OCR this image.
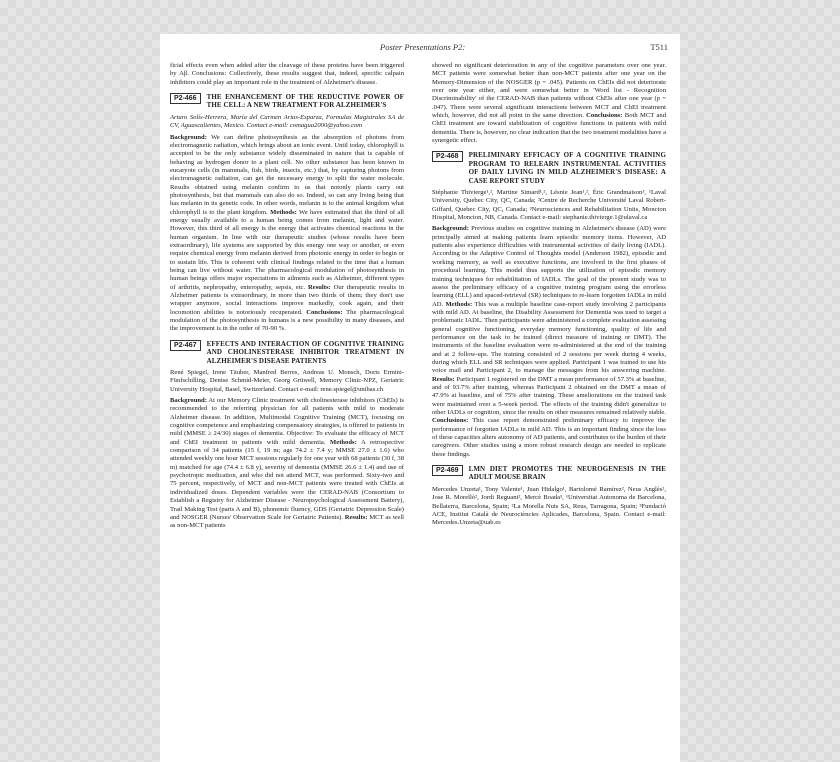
Poster Presentations P2:	T511

ficial effects even when added after the cleavage of these proteins have been triggered by Aβ. Conclusions: Collectively, these results suggest that, indeed, specific calpain inhibitors could play an important role in the treatment of Alzheimer's disease.

P2-466	THE ENHANCEMENT OF THE REDUCTIVE POWER OF THE CELL: A NEW TREATMENT FOR ALZHEIMER'S

Arturo Solís-Herrera, María del Carmen Arias-Esparza, Formulas Magistrales SA de CV, Aguascalientes, Mexico. Contact e-mail: comagua2000@yahoo.com

Background: We can define photosynthesis as the absorption of photons from electromagnetic radiation, which brings about an ionic event. Until today, chlorophyll is accepted to be the only substance widely disseminated in nature that is capable of behaving as hydrogen donor to a plant cell. No other substance has been known in eucaryote cells (in mammals, fish, birds, insects, etc.) that, by capturing photons from electromagnetic radiation, can get the necessary energy to split the water molecule. Results obtained using melanin confirm to us that notonly plants carry out photosynthesis, but that mammals can also do so. Indeed, so can any living being that has melanin in its genetic code. In other words, melanin is to the animal kingdom what chlorophyll is to the plant kingdom. Methods: We have estimated that the third of all energy usually available to a human being comes from melanin, light and water. However, this third of all energy is the energy that activates chemical reactions in the human organism. In line with our therapeutic studies (whose results have been extraordinary), life systems are supported by this energy one way or another, or even require chemical energy from melanin derived from photonic energy in order to begin or to sustain life. This is coherent with clinical findings related to the time that a human being can live without water. The pharmacological modulation of photosynthesis in human beings offers major expectations in ailments such as Alzheimer, different types of arthritis, nephropathy, enteropathy, sepsis, etc. Results: Our therapeutic results in Alzheimer patients is extraordinary, in more than two thirds of them; they don't use wrapper anymore, social interactions improve markedly, cook again, and their locomotion abilities is notoriously recuperated. Conclusions: The pharmacological modulation of the photosynthesis in humans is a new possibility in many diseases, and the improvement is in the order of 70-90 %.

P2-467	EFFECTS AND INTERACTION OF COGNITIVE TRAINING AND CHOLINESTERASE INHIBITOR TREATMENT IN ALZHEIMER'S DISEASE PATIENTS

René Spiegel, Irene Täuber, Manfred Berres, Andreas U. Monsch, Doris Ermini-Fünfschilling, Denise Schmid-Meier, Georg Grüwell, Memory Clinic-NPZ, Geriatric University Hospital, Basel, Switzerland. Contact e-mail: rene.spiegel@unibas.ch

Background: At our Memory Clinic treatment with cholinesterase inhibitors (ChEIs) is recommended to the referring physician for all patients with mild to moderate Alzheimer disease. In addition, Multimodal Cognitive Training (MCT), focusing on cognitive competence and emphasizing compensatory strategies, is offered to patients in mild (MMSE ≥ 24/30) stages of dementia. Objective: To evaluate the efficacy of MCT and ChEI treatment in patients with mild dementia. Methods: A retrospective comparison of 34 patients (15 f, 19 m; age 74.2 ± 7.4 y; MMSE 27.0 ± 1.6) who attended weekly one hour MCT sessions regularly for one year with 68 patients (30 f, 38 m) matched for age (74.4 ± 6.8 y), severity of dementia (MMSE 26.6 ± 1.4) and use of psychotropic medication, and who did not attend MCT, was performed. Sixty-two and 75 percent, respectively, of MCT and non-MCT patients were treated with ChEIs at individualized doses. Dependent variables were the CERAD-NAB (Consortium to Establish a Registry for Alzheimer Disease - Neuropsychological Assessment Battery), Trail Making Test (parts A and B), phonemic fluency, GDS (Geriatric Depression Scale) and NOSGER (Nurses' Observation Scale for Geriatric Patients). Results: MCT as well as non-MCT patients

showed no significant deterioration in any of the cognitive parameters over one year. MCT patients were somewhat better than non-MCT patients after one year on the Memory-Dimension of the NOSGER (p = .045). Patients on ChEIs did not deteriorate over one year either, and were somewhat better in 'Word list - Recognition Discriminability' of the CERAD-NAB than patients without ChEIs after one year (p = .047). There were several significant interactions between MCT and ChEI treatment which, however, did not all point in the same direction. Conclusions: Both MCT and ChEI treatment are toward stabilization of cognitive functions in patients with mild dementia. There is, however, no clear indication that the two treatment modalities have a synergetic effect.

P2-468	PRELIMINARY EFFICACY OF A COGNITIVE TRAINING PROGRAM TO RELEARN INSTRUMENTAL ACTIVITIES OF DAILY LIVING IN MILD ALZHEIMER'S DISEASE: A CASE REPORT STUDY

Stéphanie Thivierge¹,², Martine Simard¹,², Lésnie Jean¹,², Éric Grandmaison³, ¹Laval University, Quebec City, QC, Canada; ²Centre de Recherche Université Laval Robert-Giffard, Quebec City, QC, Canada; ³Neurosciences and Rehabilitation Units, Moncton Hospital, Moncton, NB, Canada. Contact e-mail: stephanie.thivierge.1@ulaval.ca

Background: Previous studies on cognitive training in Alzheimer's disease (AD) were principally aimed at making patients learn episodic memory items. However, AD patients also experience difficulties with instrumental activities of daily living (IADL). According to the Adaptive Control of Thoughts model (Anderson 1982), episodic and working memory, as well as executive functions, are involved in the first phases of procedural learning. This model thus supports the utilization of episodic memory training techniques for rehabilitation of IADLs. The goal of the present study was to assess the preliminary efficacy of a cognitive training program using the errorless learning (ELL) and spaced-retrieval (SR) techniques to re-learn forgotten IADLs in mild AD. Methods: This was a multiple baseline case-report study involving 2 participants with mild AD. At baseline, the Disability Assessment for Dementia was used to target a problematic IADL. Then participants were administered a complete evaluation assessing general cognitive functioning, everyday memory functioning, quality of life and performance on the task to be trained (direct measure of training or DMT). The instruments of the baseline evaluation were re-administered at the end of the training and at 2 follow-ups. The training consisted of 2 sessions per week during 4 weeks, during which ELL and SR techniques were applied. Participant 1 was trained to use his voice mail and Participant 2, to manage the messages from his answering machine. Results: Participant 1 registered on the DMT a mean performance of 57.3% at baseline, and of 93.7% after training, whereas Participant 2 obtained on the DMT a mean of 47.9% at baseline, and of 75% after training. These ameliorations on the trained task were maintained over a 5-week period. The effects of the training didn't generalize to other IADLs or cognition, since the results on other measures remained relatively stable. Conclusions: This case report demonstrated preliminary efficacy to improve the performance of forgotten IADLs in mild AD. This is an important finding since the loss of these capacities alters autonomy of AD patients, and contributes to the burden of their caregivers. Other studies using a more robust research design are needed to replicate these findings.

P2-469	LMN DIET PROMOTES THE NEUROGENESIS IN THE ADULT MOUSE BRAIN

Mercedes Unzeta¹, Tony Valente¹, Juan Hidalgo¹, Bartolomé Ramírez², Neus Anglès², Jose R. Morelló², Jordi Reguant², Mercè Boada³, ¹Universitat Autonoma de Barcelona, Bellaterra, Barcelona, Spain; ²La Morella Nuts SA, Reus, Tarragona, Spain; ³Fundació ACE, Institut Català de Neurociències Aplicades, Barcelona, Spain. Contact e-mail: Mercedes.Unzeta@uab.es
